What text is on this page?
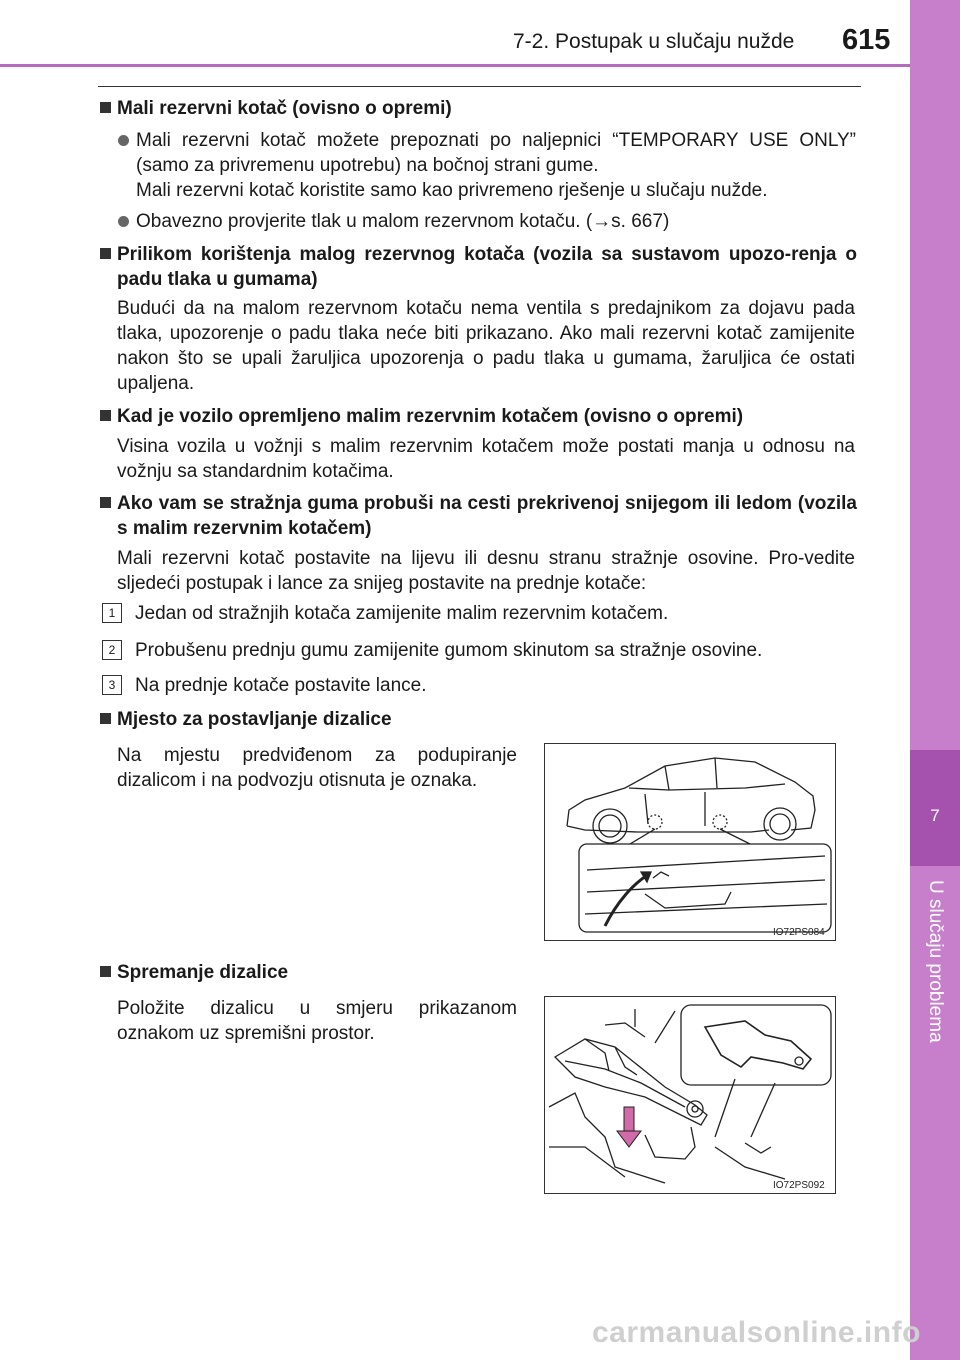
7-2. Postupak u slučaju nužde 615
7
U slučaju problema
Mali rezervni kotač (ovisno o opremi)
Mali rezervni kotač možete prepoznati po naljepnici “TEMPORARY USE ONLY” (samo za privremenu upotrebu) na bočnoj strani gume.
Mali rezervni kotač koristite samo kao privremeno rješenje u slučaju nužde.
Obavezno provjerite tlak u malom rezervnom kotaču. (→s. 667)
Prilikom korištenja malog rezervnog kotača (vozila sa sustavom upozo-renja o padu tlaka u gumama)
Budući da na malom rezervnom kotaču nema ventila s predajnikom za dojavu pada tlaka, upozorenje o padu tlaka neće biti prikazano. Ako mali rezervni kotač zamijenite nakon što se upali žaruljica upozorenja o padu tlaka u gumama, žaruljica će ostati upaljena.
Kad je vozilo opremljeno malim rezervnim kotačem (ovisno o opremi)
Visina vozila u vožnji s malim rezervnim kotačem može postati manja u odnosu na vožnju sa standardnim kotačima.
Ako vam se stražnja guma probuši na cesti prekrivenoj snijegom ili ledom (vozila s malim rezervnim kotačem)
Mali rezervni kotač postavite na lijevu ili desnu stranu stražnje osovine. Pro-vedite sljedeći postupak i lance za snijeg postavite na prednje kotače:
1	Jedan od stražnjih kotača zamijenite malim rezervnim kotačem.
2	Probušenu prednju gumu zamijenite gumom skinutom sa stražnje osovine.
3	Na prednje kotače postavite lance.
Mjesto za postavljanje dizalice
Na mjestu predviđenom za podupiranje dizalicom i na podvozju otisnuta je oznaka.
IO72PS084
Spremanje dizalice
Položite dizalicu u smjeru prikazanom oznakom uz spremišni prostor.
IO72PS092
carmanualsonline.info
